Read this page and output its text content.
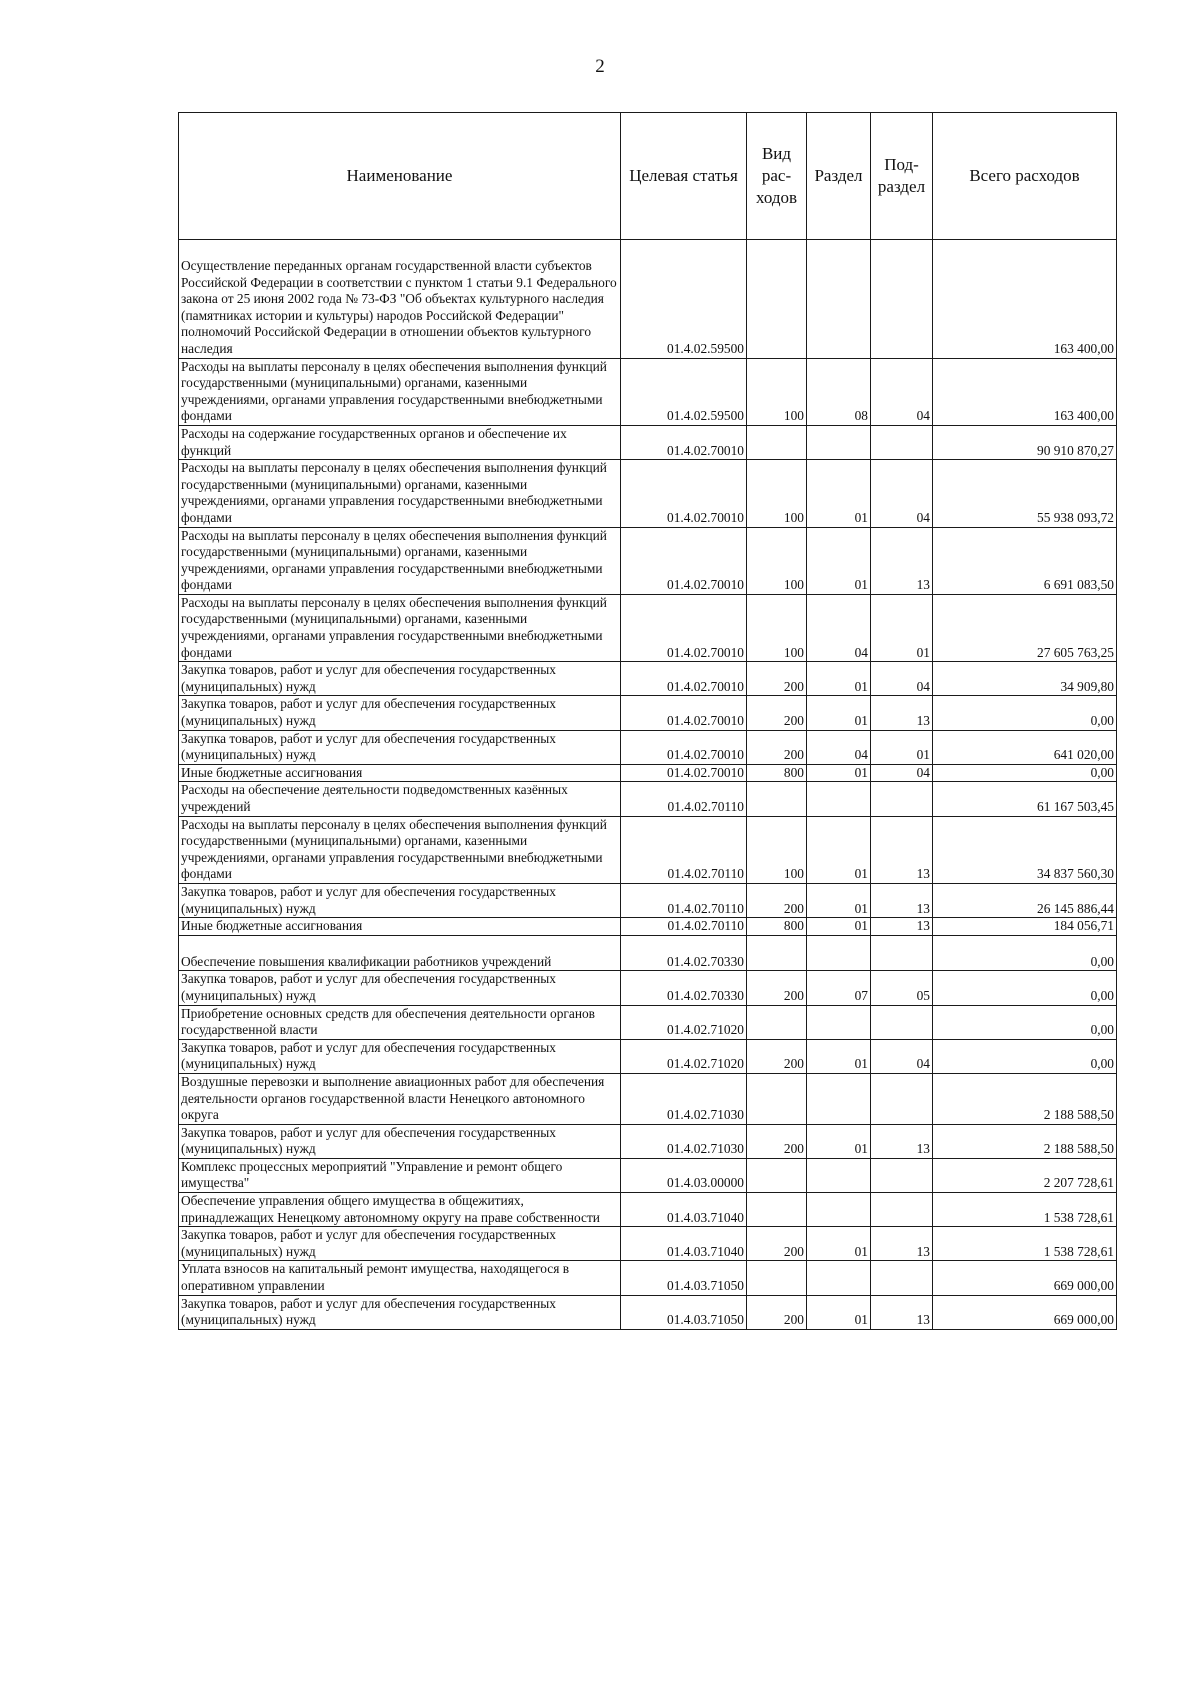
2
Наименование	Целевая статья	Вид рас-ходов	Раздел	Под-раздел	Всего расходов

Осуществление переданных органам государственной власти субъектов Российской Федерации в соответствии с пунктом 1 статьи 9.1 Федерального закона от 25 июня 2002 года № 73-ФЗ "Об объектах культурного наследия (памятниках истории и культуры) народов Российской Федерации" полномочий Российской Федерации в отношении объектов культурного наследия	01.4.02.59500				163 400,00
Расходы на выплаты персоналу в целях обеспечения выполнения функций государственными (муниципальными) органами, казенными учреждениями, органами управления государственными внебюджетными фондами	01.4.02.59500	100	08	04	163 400,00
Расходы на содержание государственных органов и обеспечение их функций	01.4.02.70010				90 910 870,27
Расходы на выплаты персоналу в целях обеспечения выполнения функций государственными (муниципальными) органами, казенными учреждениями, органами управления государственными внебюджетными фондами	01.4.02.70010	100	01	04	55 938 093,72
Расходы на выплаты персоналу в целях обеспечения выполнения функций государственными (муниципальными) органами, казенными учреждениями, органами управления государственными внебюджетными фондами	01.4.02.70010	100	01	13	6 691 083,50
Расходы на выплаты персоналу в целях обеспечения выполнения функций государственными (муниципальными) органами, казенными учреждениями, органами управления государственными внебюджетными фондами	01.4.02.70010	100	04	01	27 605 763,25
Закупка товаров, работ и услуг для обеспечения государственных (муниципальных) нужд	01.4.02.70010	200	01	04	34 909,80
Закупка товаров, работ и услуг для обеспечения государственных (муниципальных) нужд	01.4.02.70010	200	01	13	0,00
Закупка товаров, работ и услуг для обеспечения государственных (муниципальных) нужд	01.4.02.70010	200	04	01	641 020,00
Иные бюджетные ассигнования	01.4.02.70010	800	01	04	0,00
Расходы на обеспечение деятельности подведомственных казённых учреждений	01.4.02.70110				61 167 503,45
Расходы на выплаты персоналу в целях обеспечения выполнения функций государственными (муниципальными) органами, казенными учреждениями, органами управления государственными внебюджетными фондами	01.4.02.70110	100	01	13	34 837 560,30
Закупка товаров, работ и услуг для обеспечения государственных (муниципальных) нужд	01.4.02.70110	200	01	13	26 145 886,44
Иные бюджетные ассигнования	01.4.02.70110	800	01	13	184 056,71

Обеспечение повышения квалификации работников учреждений	01.4.02.70330				0,00
Закупка товаров, работ и услуг для обеспечения государственных (муниципальных) нужд	01.4.02.70330	200	07	05	0,00
Приобретение основных средств для обеспечения деятельности органов государственной власти	01.4.02.71020				0,00
Закупка товаров, работ и услуг для обеспечения государственных (муниципальных) нужд	01.4.02.71020	200	01	04	0,00
Воздушные перевозки и выполнение авиационных работ для обеспечения деятельности органов государственной власти Ненецкого автономного округа	01.4.02.71030				2 188 588,50
Закупка товаров, работ и услуг для обеспечения государственных (муниципальных) нужд	01.4.02.71030	200	01	13	2 188 588,50
Комплекс процессных мероприятий "Управление и ремонт общего имущества"	01.4.03.00000				2 207 728,61
Обеспечение управления общего имущества в общежитиях, принадлежащих Ненецкому автономному округу на праве собственности	01.4.03.71040				1 538 728,61
Закупка товаров, работ и услуг для обеспечения государственных (муниципальных) нужд	01.4.03.71040	200	01	13	1 538 728,61
Уплата взносов на капитальный ремонт имущества, находящегося в оперативном управлении	01.4.03.71050				669 000,00
Закупка товаров, работ и услуг для обеспечения государственных (муниципальных) нужд	01.4.03.71050	200	01	13	669 000,00
